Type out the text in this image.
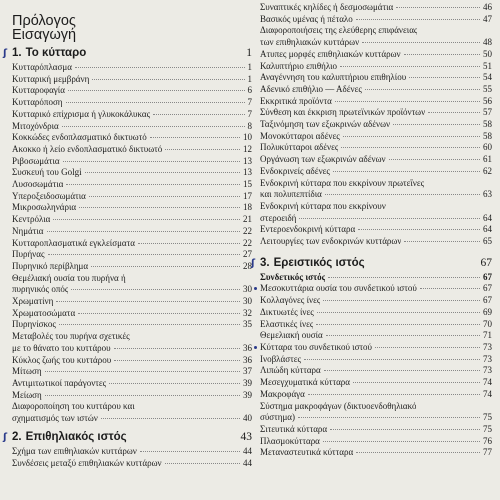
Πρόλογος

Εισαγωγή

ʃ 1. Το κύτταρο	1
Κυτταρόπλασμα	1
Κυτταρική μεμβράνη	1
Κυτταροφαγία	6
Κυτταρόποση	7
Κυτταρικό επίχρισμα ή γλυκοκάλυκας	7
Μιτοχόνδρια	8
Κοκκώδες ενδοπλασματικό δικτυωτό	10
Ακοκκο ή λείο ενδοπλασματικό δικτυωτό	12
Ριβοσωμάτια	13
Συσκευή του Golgi	13
Λυσοσωμάτια	15
Υπεροξειδοσωμάτια	17
Μικροσωληνάρια	18
Κεντρόλια	21
Νημάτια	22
Κυτταροπλασματικά εγκλείσματα	22
Πυρήνας	27
Πυρηνικό περίβλημα	28
Θεμέλιακή ουσία του πυρήνα ή
πυρηνικός οπός	30
Χρωματίνη	30
Χρωματοσώματα	32
Πυρηνίσκος	35
Μεταβολές του πυρήνα σχετικές
με το θάνατο του κυττάρου	36
Κύκλος ζωής του κυττάρου	36
Μίτωση	37
Αντιμιτωτικοί παράγοντες	39
Μείωση	39
Διαφοροποίηση του κυττάρου και
σχηματισμός των ιστών	40
ʃ 2. Επιθηλιακός ιστός	43
Σχήμα των επιθηλιακών κυττάρων	44
Συνδέσεις μεταξύ επιθηλιακών κυττάρων	44
Συναπτικές κηλίδες ή δεσμοσωμάτια	46
Βασικός υμένας ή πέταλο	47
Διαφοροποιήσεις της ελεύθερης επιφάνειας
των επιθηλιακών κυττάρων	48
Ατυπες μορφές επιθηλιακών κυττάρων	50
Καλυπτήριο επιθήλιο	51
Αναγέννηση του καλυπτήριου επιθηλίου	54
Αδενικό επιθήλιο — Αδένες	55
Εκκριτικά προϊόντα	56
Σύνθεση και έκκριση πρωτεϊνικών προϊόντων	57
Ταξινόμηση των εξωκρινών αδένων	58
Μονοκύτταροι αδένες	58
Πολυκύτταροι αδένες	60
Οργάνωση των εξωκρινών αδένων	61
Ενδοκρινείς αδένες	62
Ενδοκρινή κύτταρα που εκκρίνουν πρωτεΐνες
και πολυπεπτίδια	63
Ενδοκρινή κύτταρα που εκκρίνουν
στεροειδή	64
Εντεροενδοκρινή κύτταρα	64
Λειτουργίες των ενδοκρινών κυττάρων	65
ʃ 3. Ερειστικός ιστός	67
Συνδετικός ιστός	67
Μεσοκυττάρια ουσία του συνδετικού ιστού	67
Κολλαγόνες ίνες	67
Δικτυωτές ίνες	69
Ελαστικές ίνες	70
Θεμελιακή ουσία	71
Κύτταρα του συνδετικού ιστού	73
Ινοβλάστες	73
Λιπώδη κύτταρα	73
Μεσεγχυματικά κύτταρα	74
Μακροφάγα	74
Σύστημα μακροφάγων (δικτυοενδοθηλιακό
σύστημα)	75
Σιτευτικά κύτταρα	75
Πλασμοκύτταρα	76
Μεταναστευτικά κύτταρα	77
